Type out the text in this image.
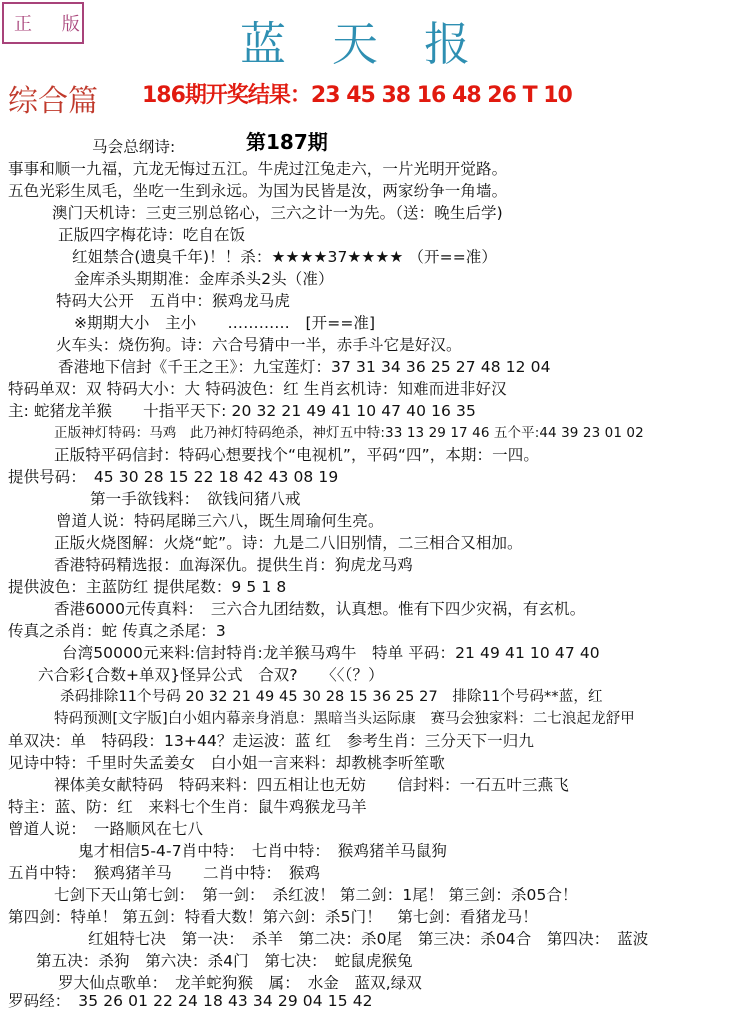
正 版	蓝天报
综合篇 186期开奖结果：23 45 38 16 48 26 T 10
第187期
马会总纲诗:
事事和顺一九福，亢龙无悔过五江。牛虎过江兔走六，一片光明开觉路。
五色光彩生凤毛，坐吃一生到永远。为国为民皆是汝，两家纷争一角墙。
澳门天机诗：三吏三别总铭心，三六之计一为先。（送：晚生后学)
正版四字梅花诗：吃自在饭
红姐禁合(遗臭千年)！！杀：★★★★37★★★★ （开==准）
金库杀头期期准：金库杀头2头（准）
特码大公开　五肖中：猴鸡龙马虎
※期期大小　主小　　…………　[开==准]
火车头：烧伤狗。诗：六合号猜中一半，赤手斗它是好汉。
香港地下信封《千王之王》：九宝莲灯：37 31 34 36 25 27 48 12 04
特码单双：双 特码大小：大 特码波色：红 生肖玄机诗：知难而进非好汉
主: 蛇猪龙羊猴　　十指平天下: 20 32 21 49 41 10 47 40 16 35
正版神灯特码：马鸡　此乃神灯特码绝杀，神灯五中特:33 13 29 17 46 五个平:44 39 23 01 02
正版特平码信封：特码心想要找个“电视机”，平码“四”，本期：一四。
提供号码：　45 30 28 15 22 18 42 43 08 19
第一手欲钱料：　欲钱问猪八戒
曾道人说：特码尾睇三六八，既生周瑜何生亮。
正版火烧图解：火烧“蛇”。诗：九是二八旧别情，二三相合又相加。
香港特码精选报：血海深仇。提供生肖：狗虎龙马鸡
提供波色：主蓝防红 提供尾数：9 5 1 8
香港6000元传真料：　三六合九团结数，认真想。惟有下四少灾祸，有玄机。
传真之杀肖：蛇 传真之杀尾：3
台湾50000元来料:信封特肖:龙羊猴马鸡牛　特单 平码：21 49 41 10 47 40
六合彩{合数+单双}怪异公式　合双?　　〈〈（？）
杀码排除11个号码 20 32 21 49 45 30 28 15 36 25 27　排除11个号码**蓝，红
特码预测[文字版]白小姐内幕亲身消息：黑暗当头运际康　赛马会独家料：二七浪起龙舒甲
单双决：单　特码段：13+44？走运波：蓝 红　参考生肖：三分天下一归九
见诗中特：千里时失孟姜女　白小姐一言来料：却教桃李听笙歌
裸体美女献特码　特码来料：四五相让也无妨　　信封料：一石五叶三燕飞
特主：蓝、防：红　来料七个生肖：鼠牛鸡猴龙马羊
曾道人说：　一路顺风在七八
鬼才相信5-4-7肖中特：　七肖中特：　猴鸡猪羊马鼠狗
五肖中特：　猴鸡猪羊马　　二肖中特：　猴鸡
七剑下天山第七剑：　第一剑：　杀红波！ 第二剑：1尾！ 第三剑：杀05合！
第四剑：特单！ 第五剑：特看大数！第六剑：杀5门！　第七剑：看猪龙马！
红姐特七决　第一决：　杀羊　第二决：杀0尾　第三决：杀04合　第四决：　蓝波
第五决：杀狗　第六决：杀4门　第七决：　蛇鼠虎猴兔
罗大仙点歌单：　龙羊蛇狗猴　属：　水金　蓝双,绿双
罗码经：　35 26 01 22 24 18 43 34 29 04 15 42
